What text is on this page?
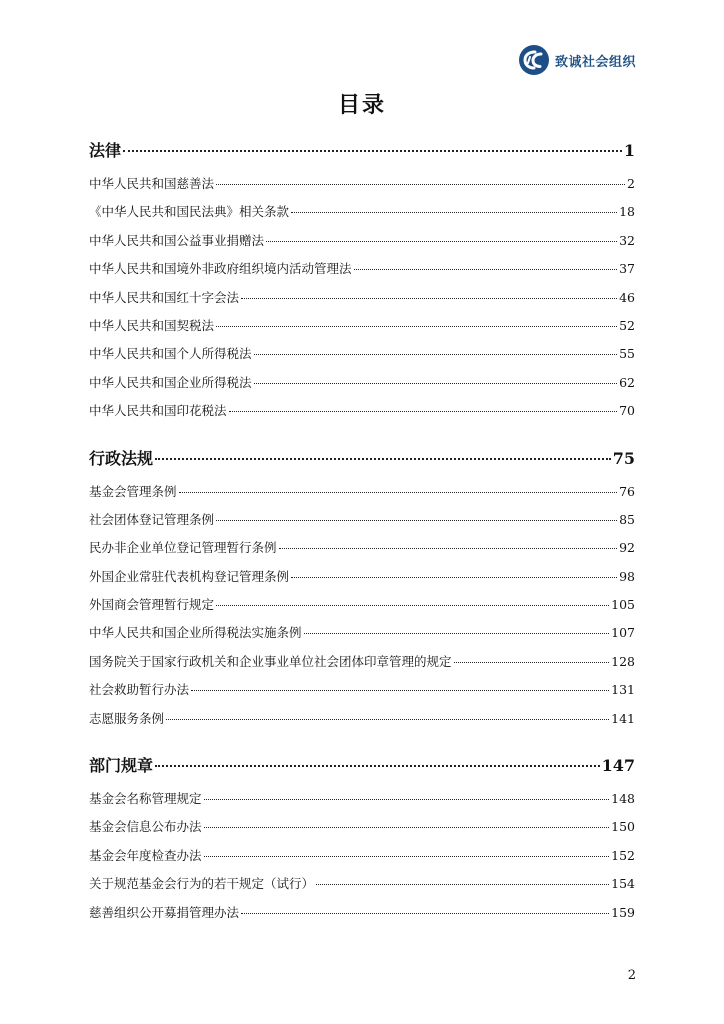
致诚社会组织
目录
法律	1
中华人民共和国慈善法	2
《中华人民共和国民法典》相关条款	18
中华人民共和国公益事业捐赠法	32
中华人民共和国境外非政府组织境内活动管理法	37
中华人民共和国红十字会法	46
中华人民共和国契税法	52
中华人民共和国个人所得税法	55
中华人民共和国企业所得税法	62
中华人民共和国印花税法	70
行政法规	75
基金会管理条例	76
社会团体登记管理条例	85
民办非企业单位登记管理暂行条例	92
外国企业常驻代表机构登记管理条例	98
外国商会管理暂行规定	105
中华人民共和国企业所得税法实施条例	107
国务院关于国家行政机关和企业事业单位社会团体印章管理的规定	128
社会救助暂行办法	131
志愿服务条例	141
部门规章	147
基金会名称管理规定	148
基金会信息公布办法	150
基金会年度检查办法	152
关于规范基金会行为的若干规定（试行）	154
慈善组织公开募捐管理办法	159
2
